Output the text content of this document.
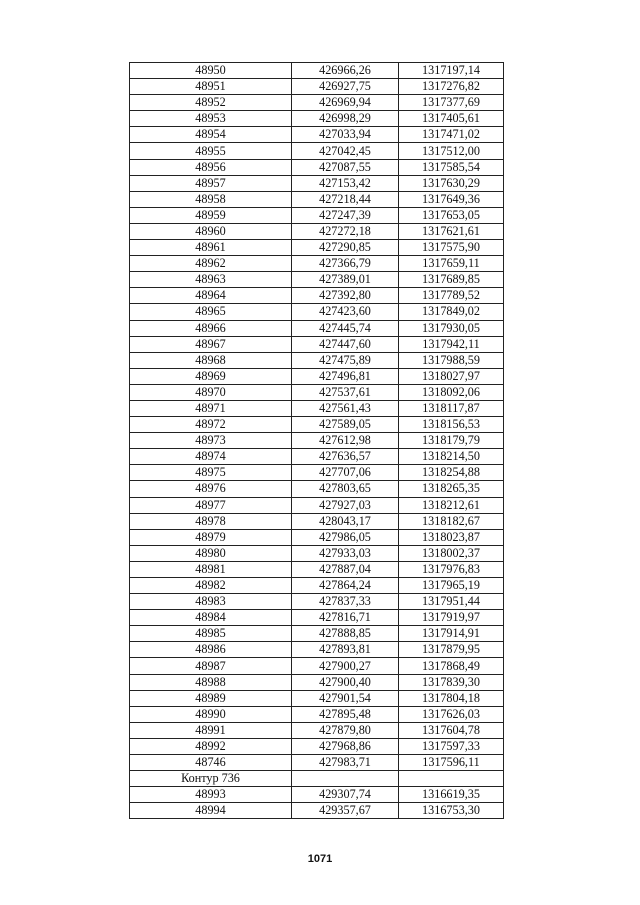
48950	426966,26	1317197,14
48951	426927,75	1317276,82
48952	426969,94	1317377,69
48953	426998,29	1317405,61
48954	427033,94	1317471,02
48955	427042,45	1317512,00
48956	427087,55	1317585,54
48957	427153,42	1317630,29
48958	427218,44	1317649,36
48959	427247,39	1317653,05
48960	427272,18	1317621,61
48961	427290,85	1317575,90
48962	427366,79	1317659,11
48963	427389,01	1317689,85
48964	427392,80	1317789,52
48965	427423,60	1317849,02
48966	427445,74	1317930,05
48967	427447,60	1317942,11
48968	427475,89	1317988,59
48969	427496,81	1318027,97
48970	427537,61	1318092,06
48971	427561,43	1318117,87
48972	427589,05	1318156,53
48973	427612,98	1318179,79
48974	427636,57	1318214,50
48975	427707,06	1318254,88
48976	427803,65	1318265,35
48977	427927,03	1318212,61
48978	428043,17	1318182,67
48979	427986,05	1318023,87
48980	427933,03	1318002,37
48981	427887,04	1317976,83
48982	427864,24	1317965,19
48983	427837,33	1317951,44
48984	427816,71	1317919,97
48985	427888,85	1317914,91
48986	427893,81	1317879,95
48987	427900,27	1317868,49
48988	427900,40	1317839,30
48989	427901,54	1317804,18
48990	427895,48	1317626,03
48991	427879,80	1317604,78
48992	427968,86	1317597,33
48746	427983,71	1317596,11
Контур 736		
48993	429307,74	1316619,35
48994	429357,67	1316753,30
1071
